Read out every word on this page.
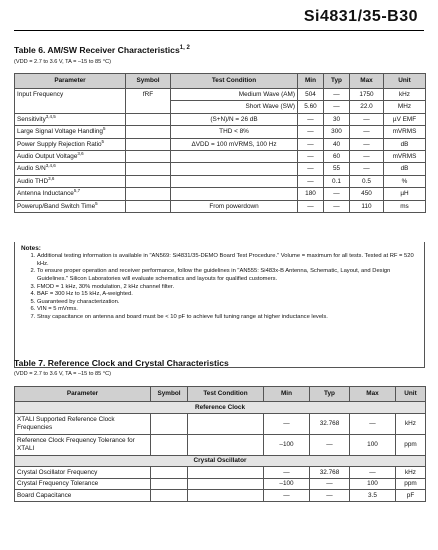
Si4831/35-B30
Table 6. AM/SW Receiver Characteristics$^{1, 2}$
(VDD = 2.7 to 3.6 V, TA = –15 to 85 °C)
Parameter	Symbol	Test Condition	Min	Typ	Max	Unit
Input Frequency	fRF	Medium Wave (AM)	504	—	1750	kHz
		Short Wave (SW)	5.60	—	22.0	MHz
Sensitivity$^{3,4,5}$		(S+N)/N = 26 dB	—	30	—	µV EMF
Large Signal Voltage Handling$^5$		THD < 8%	—	300	—	mVRMS
Power Supply Rejection Ratio$^5$		ΔVDD = 100 mVRMS, 100 Hz	—	40	—	dB
Audio Output Voltage$^{3,6}$			—	60	—	mVRMS
Audio $S/N^{3,4,6}$			—	55	—	dB
Audio THD$^{3,6}$			—	0.1	0.5	%
Antenna Inductance$^{5,7}$			180	—	450	µH
Powerup/Band Switch Time$^5$		From powerdown	—	—	110	ms
Notes:
1. Additional testing information is available in "AN569: Si4831/35-DEMO Board Test Procedure." Volume = maximum for all tests. Tested at RF = 520 kHz.
2. To ensure proper operation and receiver performance, follow the guidelines in "AN555: Si483x-B Antenna, Schematic, Layout, and Design Guidelines." Silicon Laboratories will evaluate schematics and layouts for qualified customers.
3. FMOD = 1 kHz, 30% modulation, 2 kHz channel filter.
4. BAF = 300 Hz to 15 kHz, A-weighted.
5. Guaranteed by characterization.
6. VIN = 5 mVrms.
7. Stray capacitance on antenna and board must be < 10 pF to achieve full tuning range at higher inductance levels.
Table 7. Reference Clock and Crystal Characteristics
(VDD = 2.7 to 3.6 V, TA = –15 to 85 °C)
Parameter	Symbol	Test Condition	Min	Typ	Max	Unit
Reference Clock						
XTALI Supported Reference Clock Frequencies			—	32.768	—	kHz
Reference Clock Frequency Tolerance for XTALI			–100	—	100	ppm
Crystal Oscillator						
Crystal Oscillator Frequency			—	32.768	—	kHz
Crystal Frequency Tolerance			–100	—	100	ppm
Board Capacitance			—	—	3.5	pF
